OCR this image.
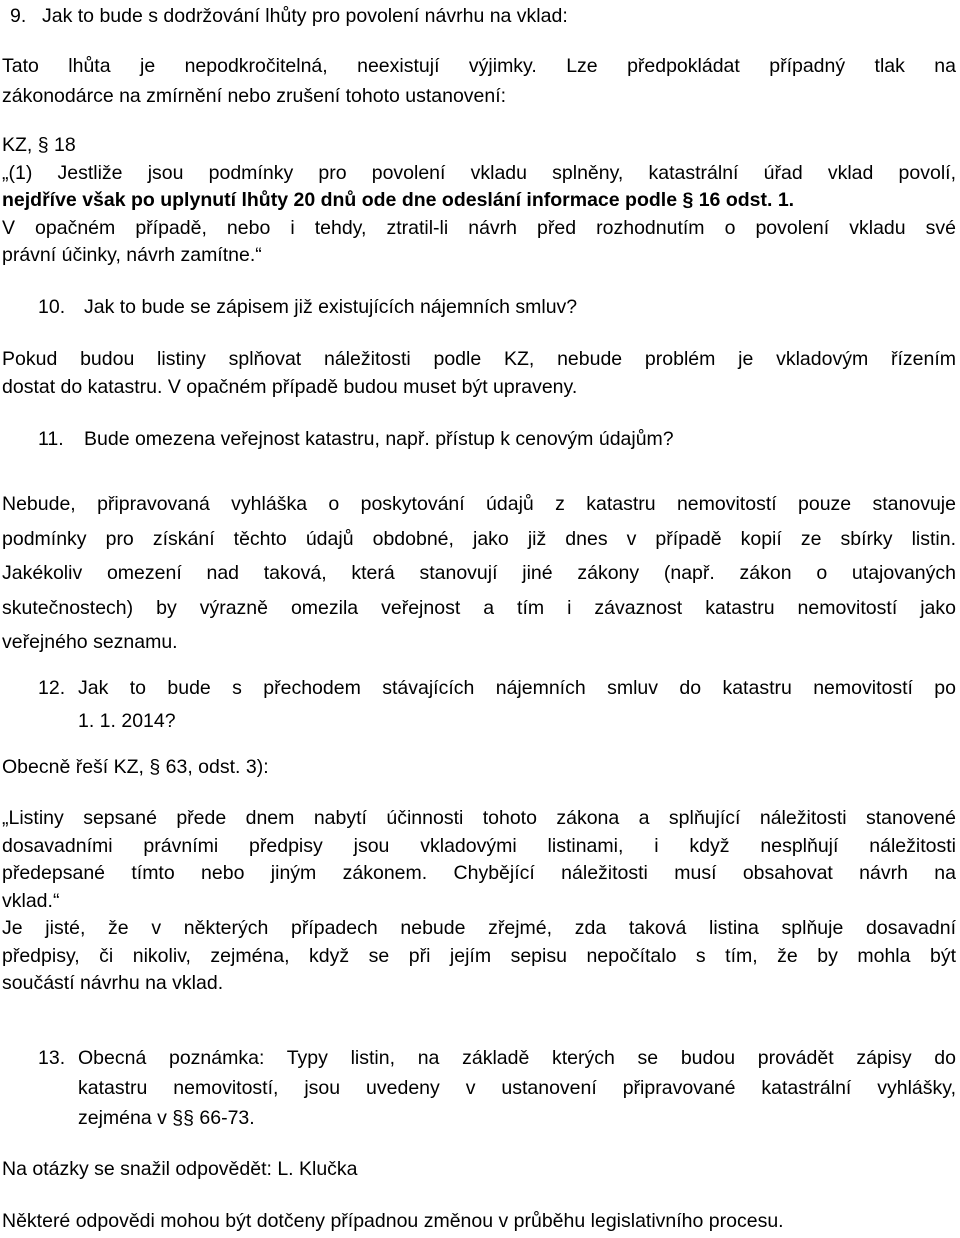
9. Jak to bude s dodržování lhůty pro povolení návrhu na vklad:

Tato lhůta je nepodkročitelná, neexistují výjimky. Lze předpokládat případný tlak na

zákonodárce na zmírnění nebo zrušení tohoto ustanovení:

KZ, § 18

„(1) Jestliže jsou podmínky pro povolení vkladu splněny, katastrální úřad vklad povolí,

nejdříve však po uplynutí lhůty 20 dnů ode dne odeslání informace podle § 16 odst. 1.

V opačném případě, nebo i tehdy, ztratil-li návrh před rozhodnutím o povolení vkladu své

právní účinky, návrh zamítne.“

10. Jak to bude se zápisem již existujících nájemních smluv?

Pokud budou listiny splňovat náležitosti podle KZ, nebude problém je vkladovým řízením

dostat do katastru. V opačném případě budou muset být upraveny.

11.	Bude omezena veřejnost katastru, např. přístup k cenovým údajům?

Nebude, připravovaná vyhláška o poskytování údajů z katastru nemovitostí pouze stanovuje

podmínky pro získání těchto údajů obdobné, jako již dnes v případě kopií ze sbírky listin.

Jakékoliv omezení nad taková, která stanovují jiné zákony (např. zákon o utajovaných

skutečnostech) by výrazně omezila veřejnost a tím i závaznost katastru nemovitostí jako

veřejného seznamu.

12. Jak to bude s přechodem stávajících nájemních smluv do katastru nemovitostí po

1. 1. 2014?

Obecně řeší KZ, § 63, odst. 3):

„Listiny sepsané přede dnem nabytí účinnosti tohoto zákona a splňující náležitosti stanovené

dosavadními právními předpisy jsou vkladovými listinami, i když nesplňují náležitosti

předepsané tímto nebo jiným zákonem. Chybějící náležitosti musí obsahovat návrh na

vklad.“

Je jisté, že v některých případech nebude zřejmé, zda taková listina splňuje dosavadní

předpisy, či nikoliv, zejména, když se při jejím sepisu nepočítalo s tím, že by mohla být

součástí návrhu na vklad.

13. Obecná poznámka: Typy listin, na základě kterých se budou provádět zápisy do

katastru nemovitostí, jsou uvedeny v ustanovení připravované katastrální vyhlášky,

zejména v §§ 66-73.

Na otázky se snažil odpovědět: L. Klučka

Některé odpovědi mohou být dotčeny případnou změnou v průběhu legislativního procesu.
